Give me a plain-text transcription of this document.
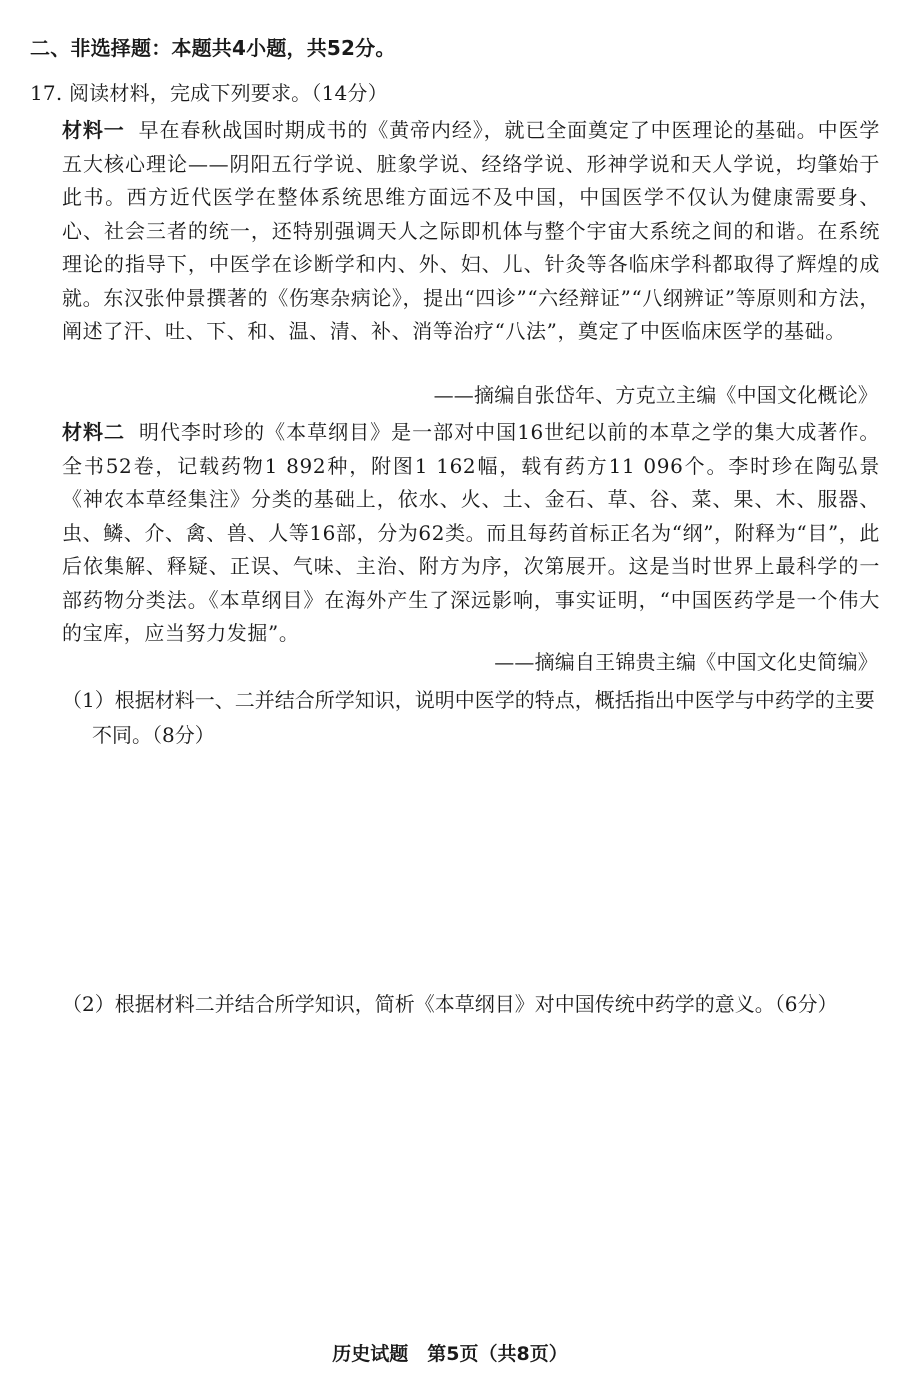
二、非选择题：本题共4小题，共52分。
17. 阅读材料，完成下列要求。（14分）
材料一 早在春秋战国时期成书的《黄帝内经》，就已全面奠定了中医理论的基础。中医学五大核心理论——阴阳五行学说、脏象学说、经络学说、形神学说和天人学说，均肇始于此书。西方近代医学在整体系统思维方面远不及中国，中国医学不仅认为健康需要身、心、社会三者的统一，还特别强调天人之际即机体与整个宇宙大系统之间的和谐。在系统理论的指导下，中医学在诊断学和内、外、妇、儿、针灸等各临床学科都取得了辉煌的成就。东汉张仲景撰著的《伤寒杂病论》，提出“四诊”“六经辩证”“八纲辨证”等原则和方法，阐述了汗、吐、下、和、温、清、补、消等治疗“八法”，奠定了中医临床医学的基础。
——摘编自张岱年、方克立主编《中国文化概论》
材料二 明代李时珍的《本草纲目》是一部对中国16世纪以前的本草之学的集大成著作。全书52卷，记载药物1 892种，附图1 162幅，载有药方11 096个。李时珍在陶弘景《神农本草经集注》分类的基础上，依水、火、土、金石、草、谷、菜、果、木、服器、虫、鳞、介、禽、兽、人等16部，分为62类。而且每药首标正名为“纲”，附释为“目”，此后依集解、释疑、正误、气味、主治、附方为序，次第展开。这是当时世界上最科学的一部药物分类法。《本草纲目》在海外产生了深远影响，事实证明，“中国医药学是一个伟大的宝库，应当努力发掘”。
——摘编自王锦贵主编《中国文化史简编》
（1）根据材料一、二并结合所学知识，说明中医学的特点，概括指出中医学与中药学的主要
不同。（8分）
（2）根据材料二并结合所学知识，简析《本草纲目》对中国传统中药学的意义。（6分）
历史试题　第5页（共8页）
